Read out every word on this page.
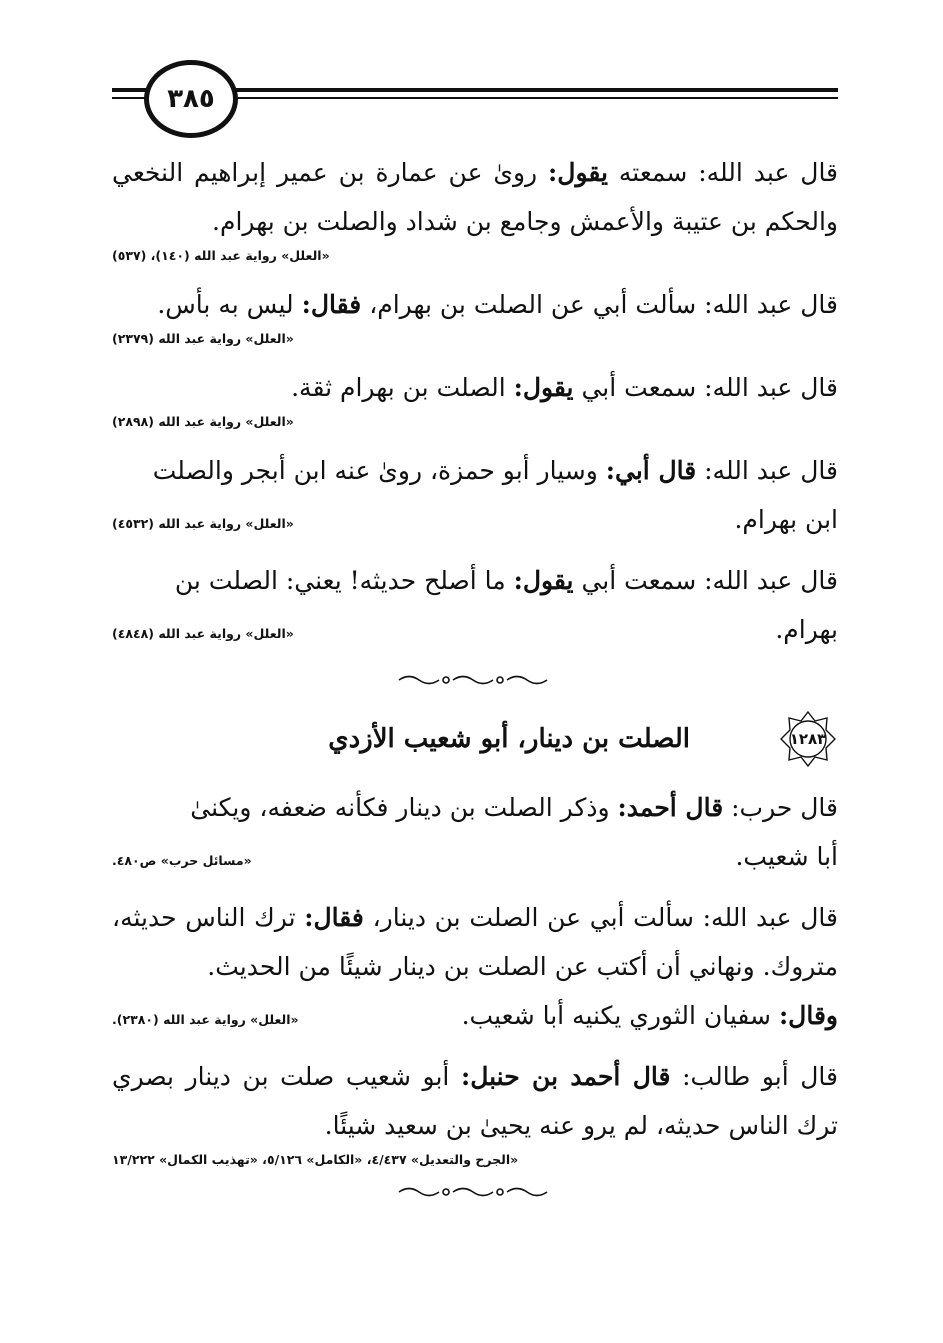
٣٨٥

قال عبد الله: سمعته يقول: روىٰ عن عمارة بن عمير إبراهيم النخعي والحكم بن عتيبة والأعمش وجامع بن شداد والصلت بن بهرام.

«العلل» رواية عبد الله (١٤٠)، (٥٣٧)

قال عبد الله: سألت أبي عن الصلت بن بهرام، فقال: ليس به بأس.

«العلل» رواية عبد الله (٢٣٧٩)

قال عبد الله: سمعت أبي يقول: الصلت بن بهرام ثقة.

«العلل» رواية عبد الله (٢٨٩٨)

قال عبد الله: قال أبي: وسيار أبو حمزة، روىٰ عنه ابن أبجر والصلت

ابن بهرام.
«العلل» رواية عبد الله (٤٥٣٢)

قال عبد الله: سمعت أبي يقول: ما أصلح حديثه! يعني: الصلت بن

بهرام.
«العلل» رواية عبد الله (٤٨٤٨)
١٢٨٣
الصلت بن دينار، أبو شعيب الأزدي

قال حرب: قال أحمد: وذكر الصلت بن دينار فكأنه ضعفه، ويكنىٰ

أبا شعيب.
«مسائل حرب» ص٤٨٠.

قال عبد الله: سألت أبي عن الصلت بن دينار، فقال: ترك الناس حديثه، متروك. ونهاني أن أكتب عن الصلت بن دينار شيئًا من الحديث.

وقال: سفيان الثوري يكنيه أبا شعيب.
«العلل» رواية عبد الله (٢٣٨٠).

قال أبو طالب: قال أحمد بن حنبل: أبو شعيب صلت بن دينار بصري ترك الناس حديثه، لم يرو عنه يحيىٰ بن سعيد شيئًا.

«الجرح والتعديل» ٤/٤٣٧، «الكامل» ٥/١٢٦، «تهذيب الكمال» ١٣/٢٢٢
